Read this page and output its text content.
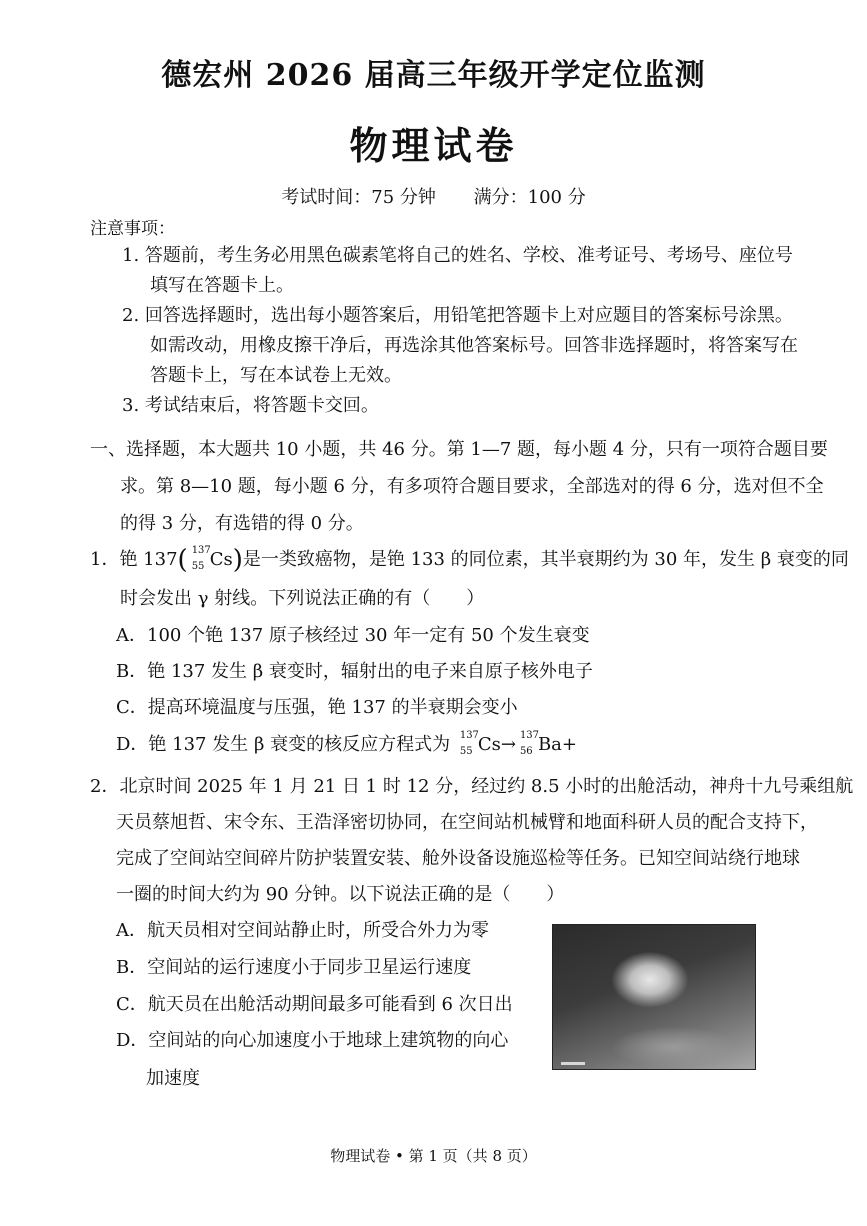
德宏州 2026 届高三年级开学定位监测
物理试卷
考试时间：75 分钟 满分：100 分
注意事项：
1. 答题前，考生务必用黑色碳素笔将自己的姓名、学校、准考证号、考场号、座位号
填写在答题卡上。
2. 回答选择题时，选出每小题答案后，用铅笔把答题卡上对应题目的答案标号涂黑。
如需改动，用橡皮擦干净后，再选涂其他答案标号。回答非选择题时，将答案写在
答题卡上，写在本试卷上无效。
3. 考试结束后，将答题卡交回。
一、选择题，本大题共 10 小题，共 46 分。第 1—7 题，每小题 4 分，只有一项符合题目要
求。第 8—10 题，每小题 6 分，有多项符合题目要求，全部选对的得 6 分，选对但不全
的得 3 分，有选错的得 0 分。
1．铯 137( 137
55 Cs)是一类致癌物，是铯 133 的同位素，其半衰期约为 30 年，发生 β 衰变的同
时会发出 γ 射线。下列说法正确的有（　　）
A．100 个铯 137 原子核经过 30 年一定有 50 个发生衰变
B．铯 137 发生 β 衰变时，辐射出的电子来自原子核外电子
C．提高环境温度与压强，铯 137 的半衰期会变小
D．铯 137 发生 β 衰变的核反应方程式为 137
55 Cs→ 137
56 Ba+
2．北京时间 2025 年 1 月 21 日 1 时 12 分，经过约 8.5 小时的出舱活动，神舟十九号乘组航
天员蔡旭哲、宋令东、王浩泽密切协同，在空间站机械臂和地面科研人员的配合支持下，
完成了空间站空间碎片防护装置安装、舱外设备设施巡检等任务。已知空间站绕行地球
一圈的时间大约为 90 分钟。以下说法正确的是（　　）
A．航天员相对空间站静止时，所受合外力为零
B．空间站的运行速度小于同步卫星运行速度
C．航天员在出舱活动期间最多可能看到 6 次日出
D．空间站的向心加速度小于地球上建筑物的向心
加速度
物理试卷 • 第 1 页（共 8 页）
